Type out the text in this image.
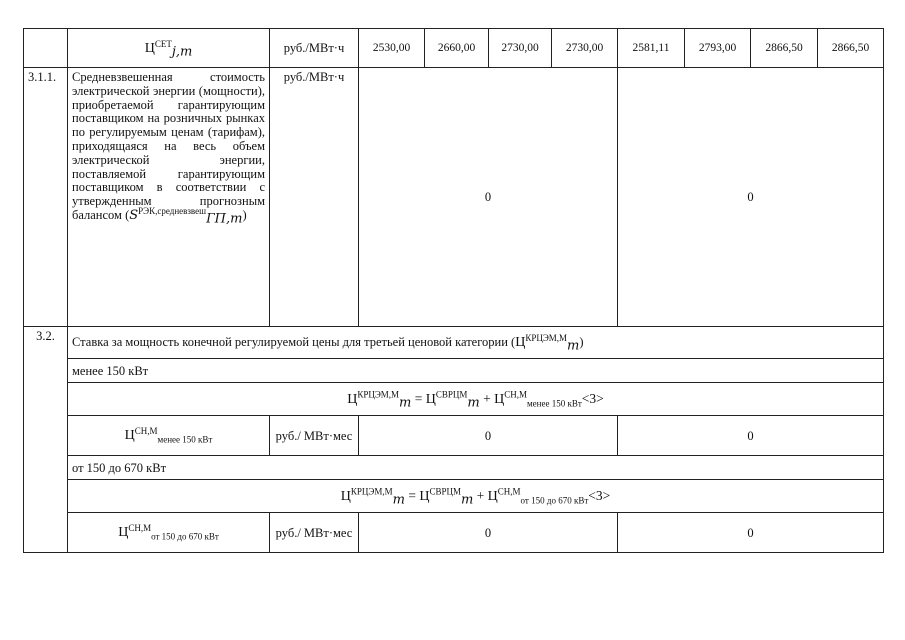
	$Ц^{СЕТ}_{j,m}$	руб./МВт·ч	2530,00	2660,00	2730,00	2730,00	2581,11	2793,00	2866,50	2866,50
3.1.1.	Средневзвешенная стоимость электрической энергии (мощности), приобретаемой гарантирующим поставщиком на розничных рынках по регулируемым ценам (тарифам), приходящаяся на весь объем электрической энергии, поставляемой гарантирующим поставщиком в соответствии с утвержденным прогнозным балансом $(S^{РЭК,средневзвеш}_{ГП,m})$	руб./МВт·ч	0				0			
3.2.	Ставка за мощность конечной регулируемой цены для третьей ценовой категории $(Ц^{КРЦЭМ,М}_m)$									
	менее 150 кВт									
	$Ц^{КРЦЭМ,М}_m = Ц^{СВРЦМ}_m + Ц^{СН,М}_{менее 150 кВт}<3>$									
	$Ц^{СН,М}_{менее 150 кВт}$	руб./ МВт·мес	0				0			
	от 150 до 670 кВт									
	$Ц^{КРЦЭМ,М}_m = Ц^{СВРЦМ}_m + Ц^{СН,М}_{от 150 до 670 кВт}<3>$									
	$Ц^{СН,М}_{от 150 до 670 кВт}$	руб./ МВт·мес	0				0			
